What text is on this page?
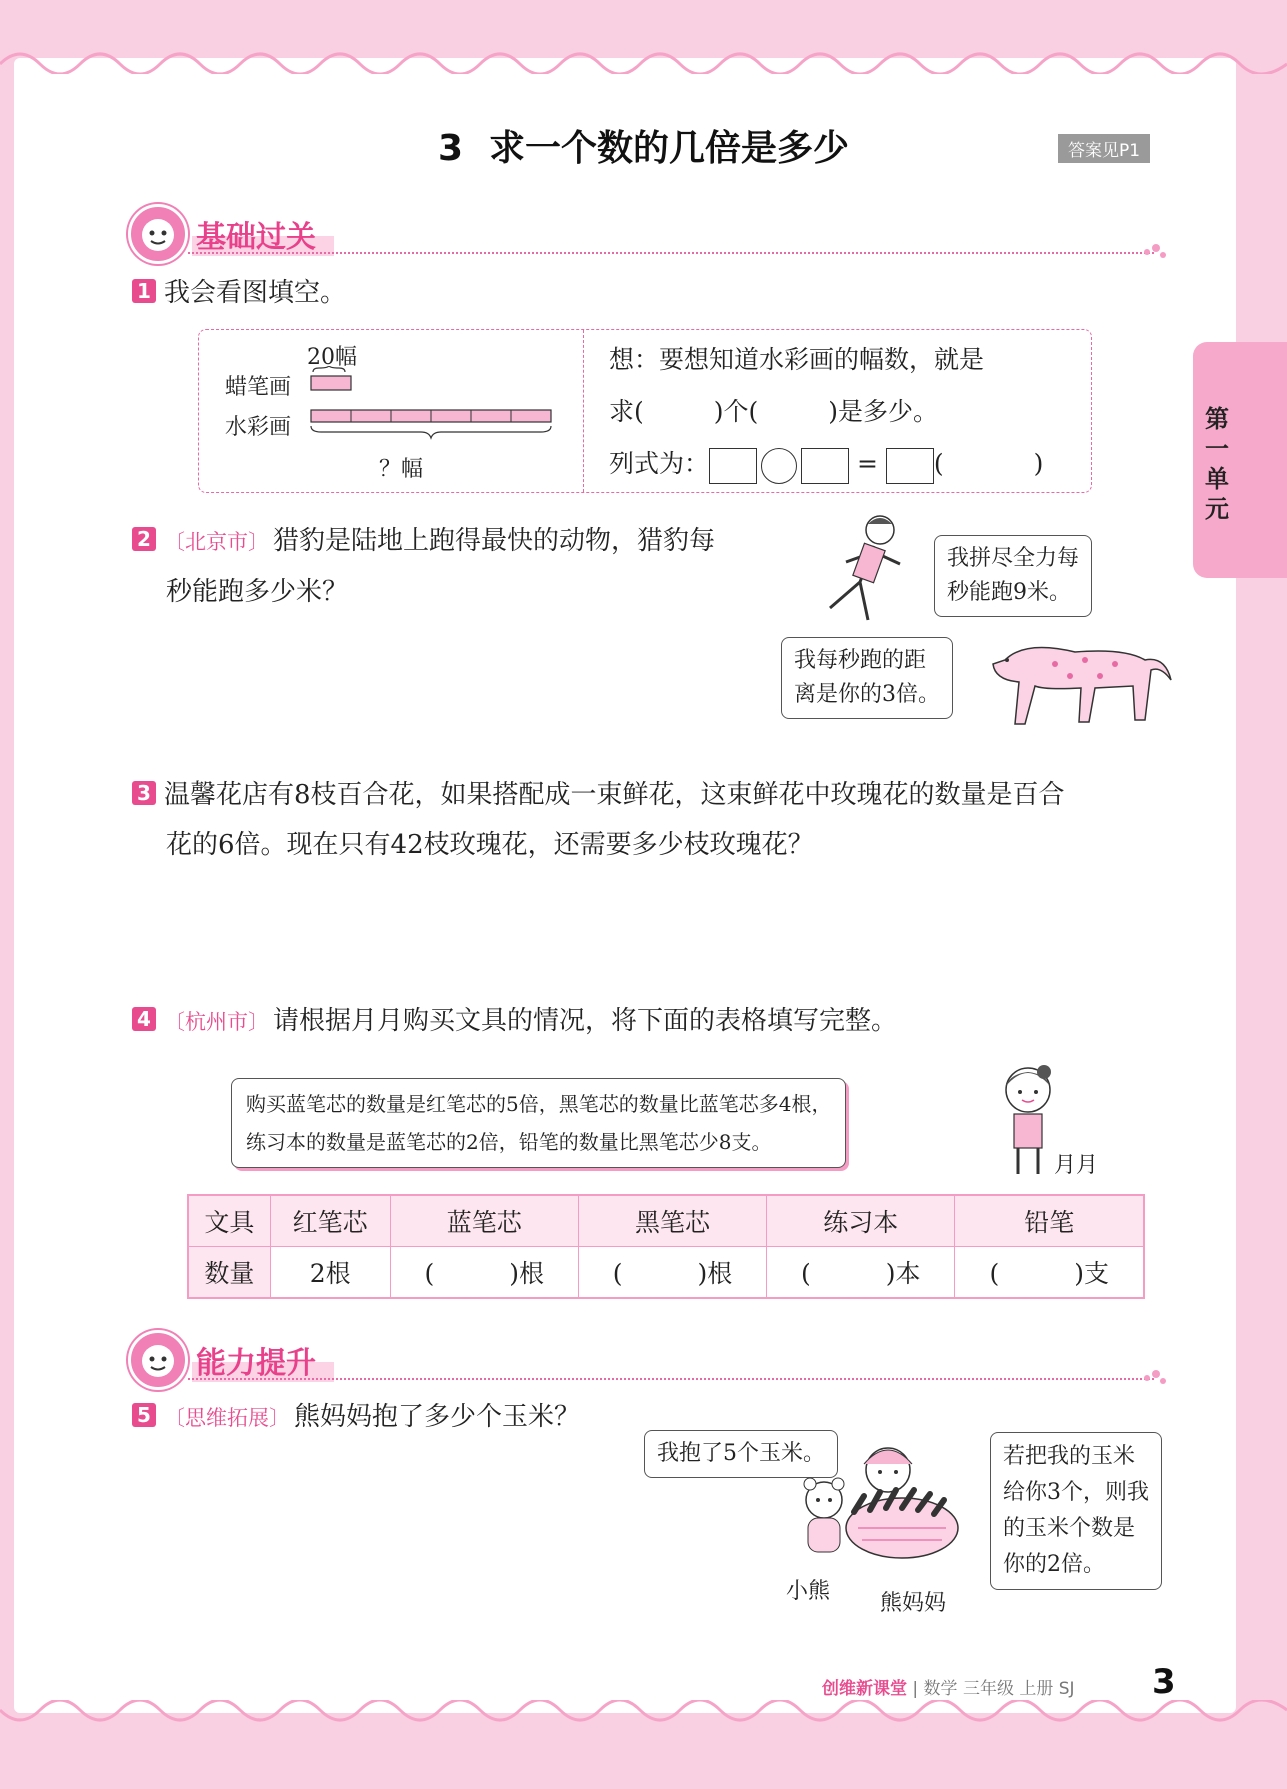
3 求一个数的几倍是多少	答案见P1
第一单元
基础过关
1 我会看图填空。
20幅
蜡笔画
水彩画
？幅
想：要想知道水彩画的幅数，就是
求(	)个(	)是多少。
列式为：	= (	)
2 〔北京市〕 猎豹是陆地上跑得最快的动物，猎豹每
秒能跑多少米？
我拼尽全力每
秒能跑9米。
我每秒跑的距
离是你的3倍。
3 温馨花店有8枝百合花，如果搭配成一束鲜花，这束鲜花中玫瑰花的数量是百合
花的6倍。现在只有42枝玫瑰花，还需要多少枝玫瑰花？
4 〔杭州市〕 请根据月月购买文具的情况，将下面的表格填写完整。
购买蓝笔芯的数量是红笔芯的5倍，黑笔芯的数量比蓝笔芯多4根，
练习本的数量是蓝笔芯的2倍，铅笔的数量比黑笔芯少8支。
月月
文具	红笔芯	蓝笔芯	黑笔芯	练习本	铅笔
数量	2根	(　　　)根	(　　　)根	(　　　)本	(　　　)支
能力提升
5 〔思维拓展〕 熊妈妈抱了多少个玉米？
我抱了5个玉米。	若把我的玉米
给你3个，则我
的玉米个数是
你的2倍。
小熊 熊妈妈
创维新课堂 | 数学 三年级 上册 SJ 3
